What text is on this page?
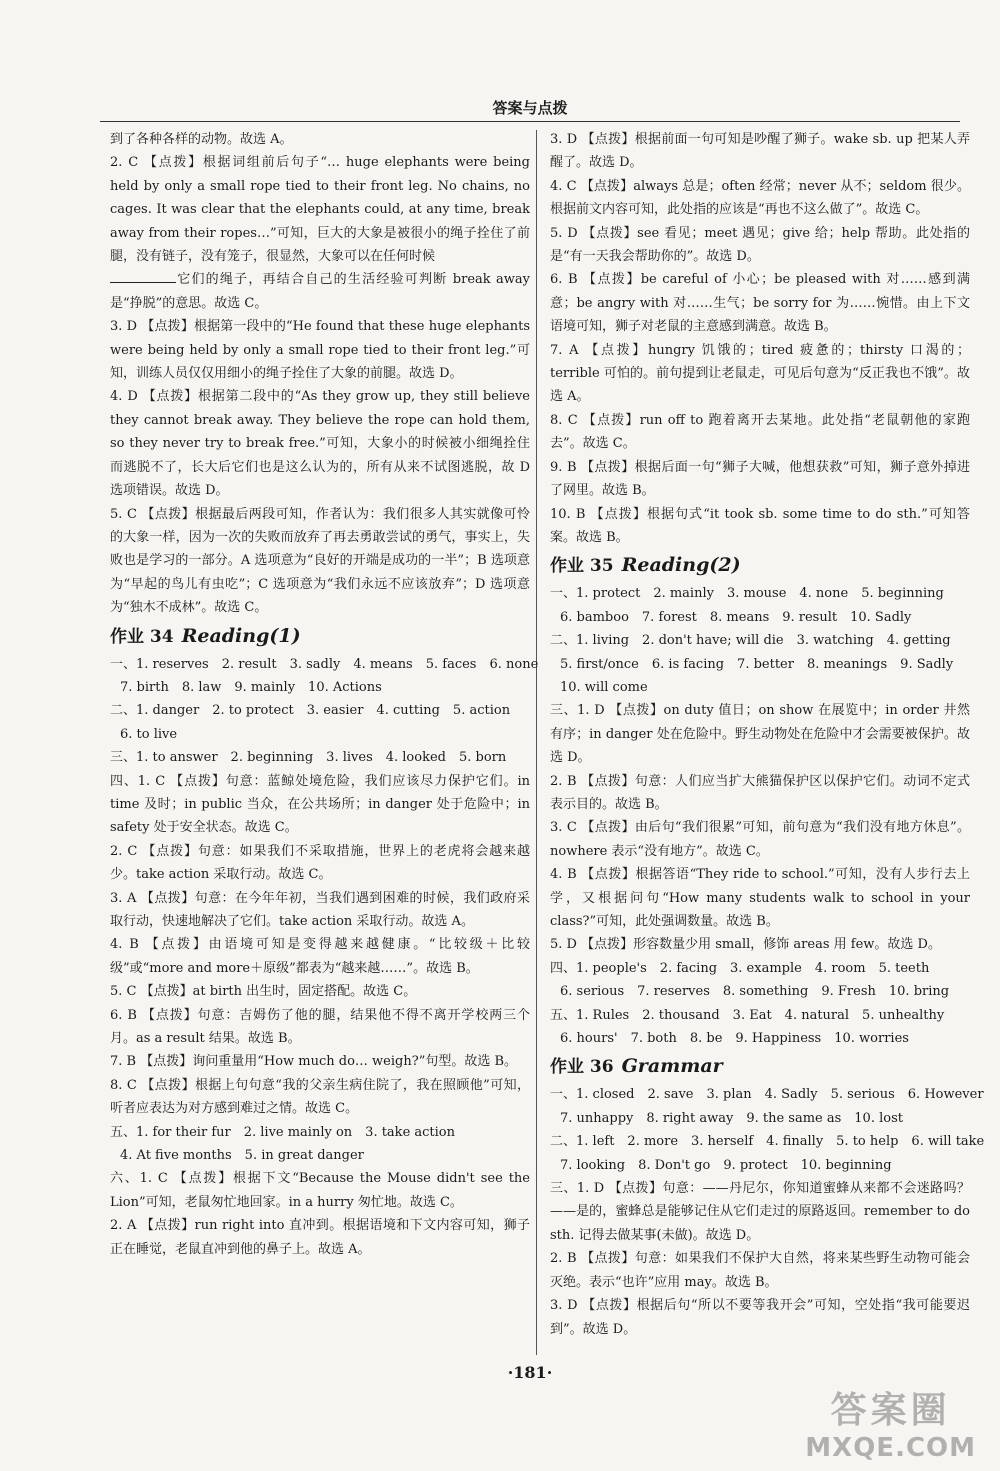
答案与点拨

到了各种各样的动物。故选 A。

2. C 【点拨】根据词组前后句子“… huge elephants were being held by only a small rope tied to their front leg. No chains, no cages. It was clear that the elephants could, at any time, break away from their ropes…”可知，巨大的大象是被很小的绳子拴住了前腿，没有链子，没有笼子，很显然，大象可以在任何时候

它们的绳子，再结合自己的生活经验可判断 break away 是“挣脱”的意思。故选 C。

3. D 【点拨】根据第一段中的“He found that these huge elephants were being held by only a small rope tied to their front leg.”可知，训练人员仅仅用细小的绳子拴住了大象的前腿。故选 D。

4. D 【点拨】根据第二段中的“As they grow up, they still believe they cannot break away. They believe the rope can hold them, so they never try to break free.”可知，大象小的时候被小细绳拴住而逃脱不了，长大后它们也是这么认为的，所有从来不试图逃脱，故 D 选项错误。故选 D。

5. C 【点拨】根据最后两段可知，作者认为：我们很多人其实就像可怜的大象一样，因为一次的失败而放弃了再去勇敢尝试的勇气，事实上，失败也是学习的一部分。A 选项意为“良好的开端是成功的一半”；B 选项意为“早起的鸟儿有虫吃”；C 选项意为“我们永远不应该放弃”；D 选项意为“独木不成林”。故选 C。

作业 34 Reading(1)

一、1. reserves　2. result　3. sadly　4. means　5. faces　6. none

7. birth　8. law　9. mainly　10. Actions

二、1. danger　2. to protect　3. easier　4. cutting　5. action

6. to live

三、1. to answer　2. beginning　3. lives　4. looked　5. born

四、1. C 【点拨】句意：蓝鲸处境危险，我们应该尽力保护它们。in time 及时；in public 当众，在公共场所；in danger 处于危险中；in safety 处于安全状态。故选 C。

2. C 【点拨】句意：如果我们不采取措施，世界上的老虎将会越来越少。take action 采取行动。故选 C。

3. A 【点拨】句意：在今年年初，当我们遇到困难的时候，我们政府采取行动，快速地解决了它们。take action 采取行动。故选 A。

4. B 【点拨】由语境可知是变得越来越健康。“比较级＋比较级”或“more and more＋原级”都表为“越来越……”。故选 B。

5. C 【点拨】at birth 出生时，固定搭配。故选 C。

6. B 【点拨】句意：吉姆伤了他的腿，结果他不得不离开学校两三个月。as a result 结果。故选 B。

7. B 【点拨】询问重量用“How much do… weigh?”句型。故选 B。

8. C 【点拨】根据上句句意“我的父亲生病住院了，我在照顾他”可知，听者应表达为对方感到难过之情。故选 C。

五、1. for their fur　2. live mainly on　3. take action

4. At five months　5. in great danger

六、1. C 【点拨】根据下文“Because the Mouse didn't see the Lion”可知，老鼠匆忙地回家。in a hurry 匆忙地。故选 C。

2. A 【点拨】run right into 直冲到。根据语境和下文内容可知，狮子正在睡觉，老鼠直冲到他的鼻子上。故选 A。

3. D 【点拨】根据前面一句可知是吵醒了狮子。wake sb. up 把某人弄醒了。故选 D。

4. C 【点拨】always 总是；often 经常；never 从不；seldom 很少。根据前文内容可知，此处指的应该是“再也不这么做了”。故选 C。

5. D 【点拨】see 看见；meet 遇见；give 给；help 帮助。此处指的是“有一天我会帮助你的”。故选 D。

6. B 【点拨】be careful of 小心；be pleased with 对……感到满意；be angry with 对……生气；be sorry for 为……惋惜。由上下文语境可知，狮子对老鼠的主意感到满意。故选 B。

7. A 【点拨】hungry 饥饿的；tired 疲惫的；thirsty 口渴的；terrible 可怕的。前句提到让老鼠走，可见后句意为“反正我也不饿”。故选 A。

8. C 【点拨】run off to 跑着离开去某地。此处指“老鼠朝他的家跑去”。故选 C。

9. B 【点拨】根据后面一句“狮子大喊，他想获救”可知，狮子意外掉进了网里。故选 B。

10. B 【点拨】根据句式“it took sb. some time to do sth.”可知答案。故选 B。

作业 35 Reading(2)

一、1. protect　2. mainly　3. mouse　4. none　5. beginning

6. bamboo　7. forest　8. means　9. result　10. Sadly

二、1. living　2. don't have; will die　3. watching　4. getting

5. first/once　6. is facing　7. better　8. meanings　9. Sadly

10. will come

三、1. D 【点拨】on duty 值日；on show 在展览中；in order 井然有序；in danger 处在危险中。野生动物处在危险中才会需要被保护。故选 D。

2. B 【点拨】句意：人们应当扩大熊猫保护区以保护它们。动词不定式表示目的。故选 B。

3. C 【点拨】由后句“我们很累”可知，前句意为“我们没有地方休息”。nowhere 表示“没有地方”。故选 C。

4. B 【点拨】根据答语“They ride to school.”可知，没有人步行去上学，又根据问句“How many students walk to school in your class?”可知，此处强调数量。故选 B。

5. D 【点拨】形容数量少用 small，修饰 areas 用 few。故选 D。

四、1. people's　2. facing　3. example　4. room　5. teeth

6. serious　7. reserves　8. something　9. Fresh　10. bring

五、1. Rules　2. thousand　3. Eat　4. natural　5. unhealthy

6. hours'　7. both　8. be　9. Happiness　10. worries

作业 36 Grammar

一、1. closed　2. save　3. plan　4. Sadly　5. serious　6. However

7. unhappy　8. right away　9. the same as　10. lost

二、1. left　2. more　3. herself　4. finally　5. to help　6. will take

7. looking　8. Don't go　9. protect　10. beginning

三、1. D 【点拨】句意：——丹尼尔，你知道蜜蜂从来都不会迷路吗？——是的，蜜蜂总是能够记住从它们走过的原路返回。remember to do sth. 记得去做某事(未做)。故选 D。

2. B 【点拨】句意：如果我们不保护大自然，将来某些野生动物可能会灭绝。表示“也许”应用 may。故选 B。

3. D 【点拨】根据后句“所以不要等我开会”可知，空处指“我可能要迟到”。故选 D。

·181·
答案圈
MXQE.COM
